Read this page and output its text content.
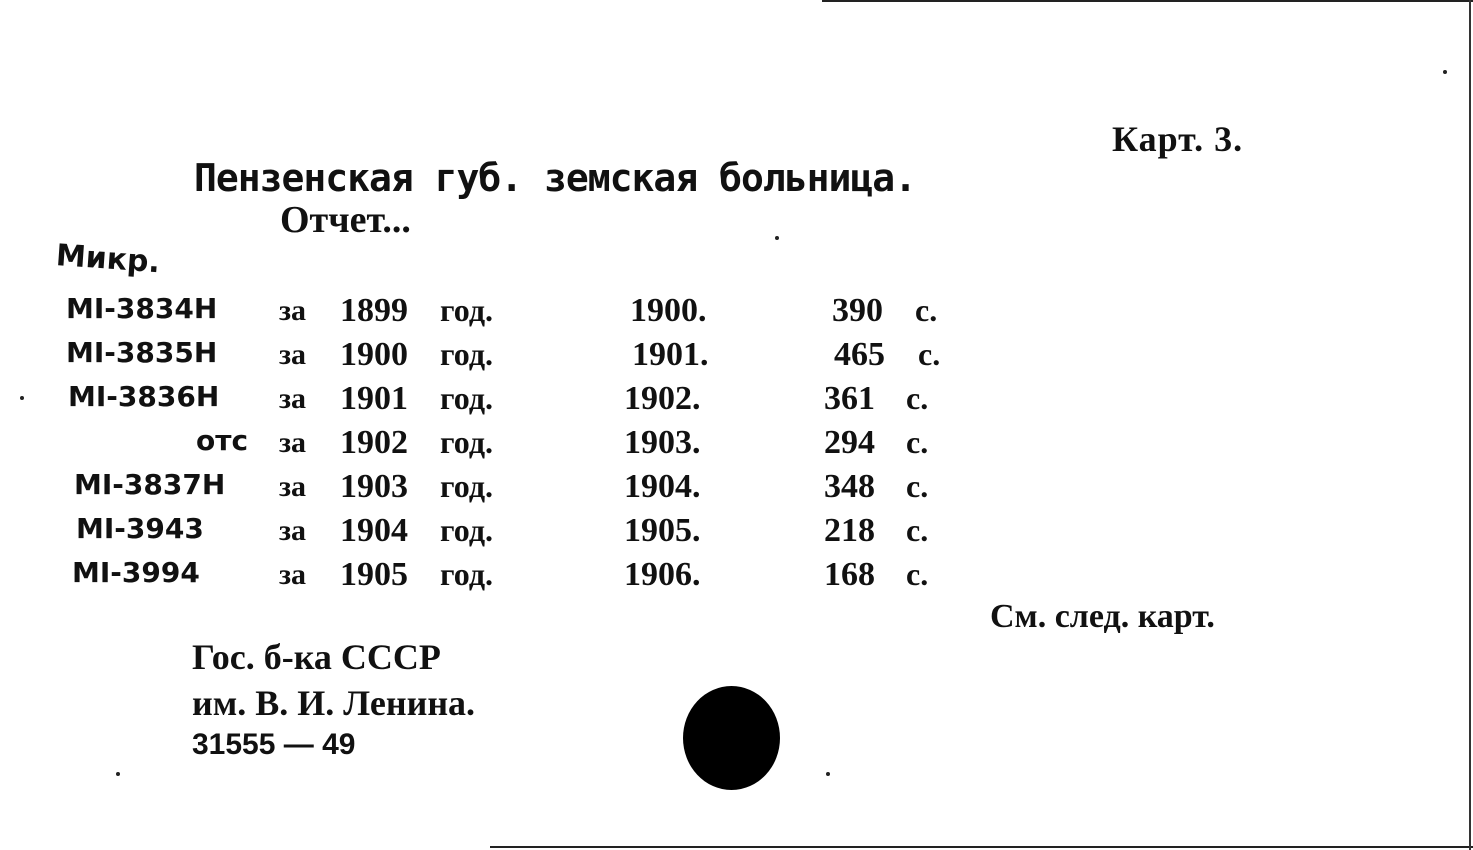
Карт. 3.
Пензенская губ. земская больница.
Отчет...
Микр.
MI-3834H за 1899 год.	1900.	390 с.
MI-3835H за 1900 год.	1901.	465 с.
MI-3836H за 1901 год.	1902.	361 с.
отс за 1902 год.	1903.	294 с.
MI-3837H за 1903 год.	1904.	348 с.
MI-3943	за 1904 год.	1905.	218 с.
MI-3994	за 1905 год.	1906.	168 с.
См. след. карт.
Гос. б-ка СССР
им. В. И. Ленина.
31555 — 49
